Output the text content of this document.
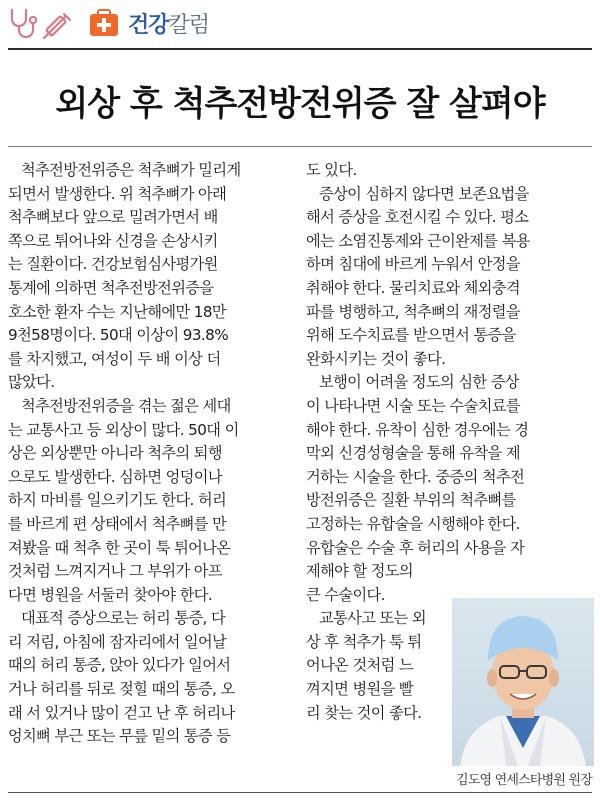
건강칼럼
외상 후 척추전방전위증 잘 살펴야

척추전방전위증은 척추뼈가 밀리게
되면서 발생한다. 위 척추뼈가 아래
척추뼈보다 앞으로 밀려가면서 배
쪽으로 튀어나와 신경을 손상시키
는 질환이다. 건강보험심사평가원
통계에 의하면 척추전방전위증을
호소한 환자 수는 지난해에만 18만
9천58명이다. 50대 이상이 93.8%
를 차지했고, 여성이 두 배 이상 더
많았다.

척추전방전위증을 겪는 젊은 세대
는 교통사고 등 외상이 많다. 50대 이
상은 외상뿐만 아니라 척추의 퇴행
으로도 발생한다. 심하면 엉덩이나
하지 마비를 일으키기도 한다. 허리
를 바르게 편 상태에서 척추뼈를 만
져봤을 때 척추 한 곳이 툭 튀어나온
것처럼 느껴지거나 그 부위가 아프
다면 병원을 서둘러 찾아야 한다.

대표적 증상으로는 허리 통증, 다
리 저림, 아침에 잠자리에서 일어날
때의 허리 통증, 앉아 있다가 일어서
거나 허리를 뒤로 젖힐 때의 통증, 오
래 서 있거나 많이 걷고 난 후 허리나
엉치뼈 부근 또는 무릎 밑의 통증 등

도 있다.

증상이 심하지 않다면 보존요법을
해서 증상을 호전시킬 수 있다. 평소
에는 소염진통제와 근이완제를 복용
하며 침대에 바르게 누워서 안정을
취해야 한다. 물리치료와 체외충격
파를 병행하고, 척추뼈의 재정렬을
위해 도수치료를 받으면서 통증을
완화시키는 것이 좋다.

보행이 어려울 정도의 심한 증상
이 나타나면 시술 또는 수술치료를
해야 한다. 유착이 심한 경우에는 경
막외 신경성형술을 통해 유착을 제
거하는 시술을 한다. 중증의 척추전
방전위증은 질환 부위의 척추뼈를
고정하는 유합술을 시행해야 한다.
유합술은 수술 후 허리의 사용을 자
제해야 할 정도의
큰 수술이다.

교통사고 또는 외
상 후 척추가 툭 튀
어나온 것처럼 느
껴지면 병원을 빨
리 찾는 것이 좋다.

김도영 연세스타병원 원장
